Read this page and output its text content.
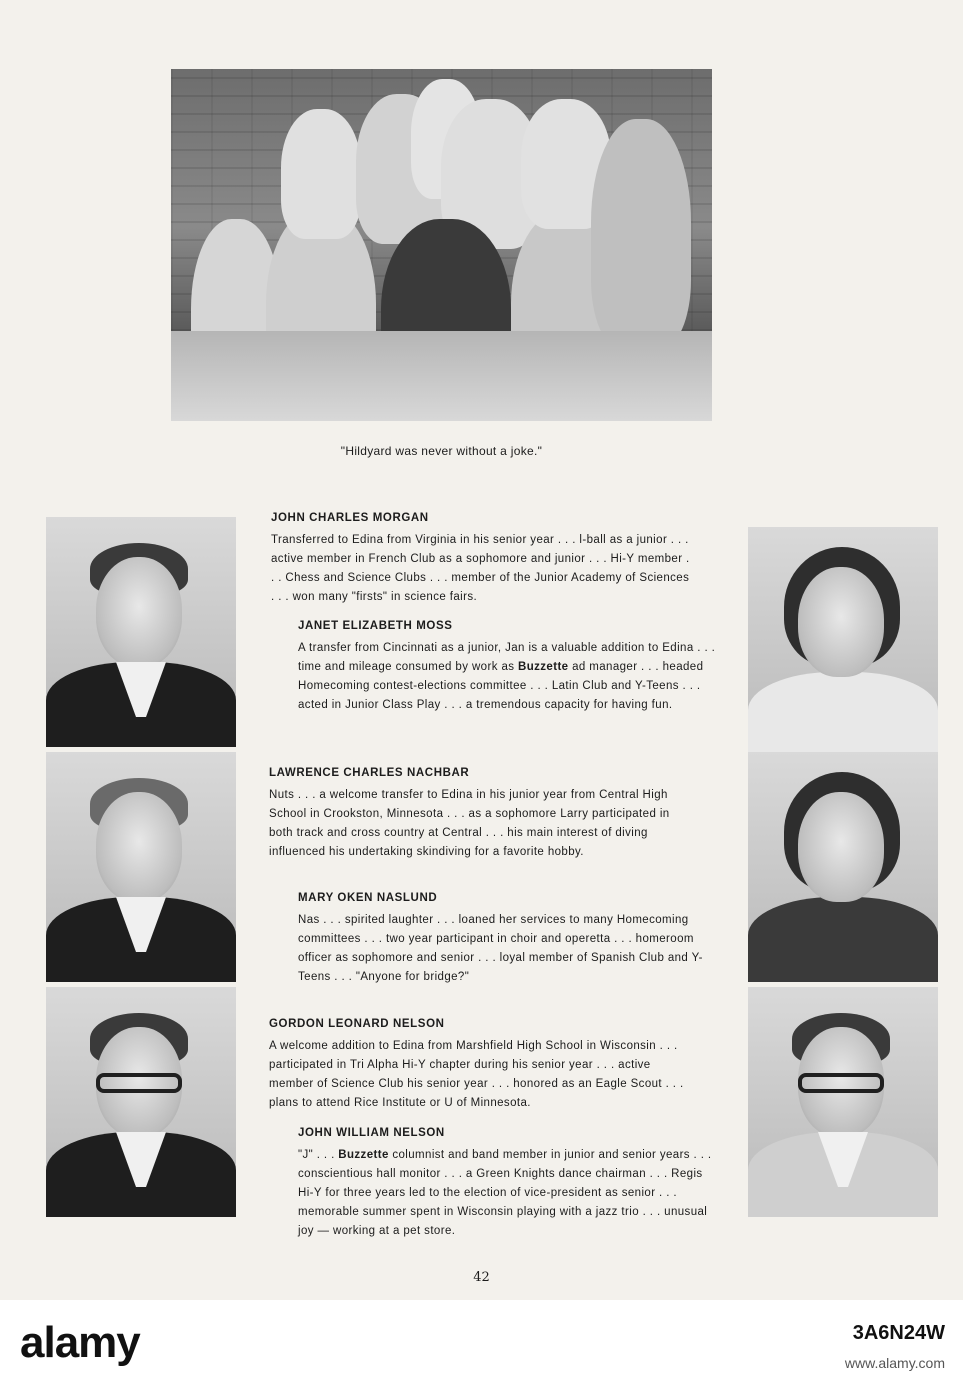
"Hildyard was never without a joke."
JOHN CHARLES MORGAN
Transferred to Edina from Virginia in his senior year . . . l-ball as a junior . . . active member in French Club as a sophomore and junior . . . Hi-Y member . . . Chess and Science Clubs . . . member of the Junior Academy of Sciences . . . won many "firsts" in science fairs.
JANET ELIZABETH MOSS
A transfer from Cincinnati as a junior, Jan is a valuable addition to Edina . . . time and mileage consumed by work as Buzzette ad manager . . . headed Homecoming contest-elections committee . . . Latin Club and Y-Teens . . . acted in Junior Class Play . . . a tremendous capacity for having fun.
LAWRENCE CHARLES NACHBAR
Nuts . . . a welcome transfer to Edina in his junior year from Central High School in Crookston, Minnesota . . . as a sophomore Larry participated in both track and cross country at Central . . . his main interest of diving influenced his undertaking skindiving for a favorite hobby.
MARY OKEN NASLUND
Nas . . . spirited laughter . . . loaned her services to many Homecoming committees . . . two year participant in choir and operetta . . . homeroom officer as sophomore and senior . . . loyal member of Spanish Club and Y-Teens . . . "Anyone for bridge?"
GORDON LEONARD NELSON
A welcome addition to Edina from Marshfield High School in Wisconsin . . . participated in Tri Alpha Hi-Y chapter during his senior year . . . active member of Science Club his senior year . . . honored as an Eagle Scout . . . plans to attend Rice Institute or U of Minnesota.
JOHN WILLIAM NELSON
"J" . . . Buzzette columnist and band member in junior and senior years . . . conscientious hall monitor . . . a Green Knights dance chairman . . . Regis Hi-Y for three years led to the election of vice-president as senior . . . memorable summer spent in Wisconsin playing with a jazz trio . . . unusual joy — working at a pet store.
42
alamy	3A6N24W
www.alamy.com
